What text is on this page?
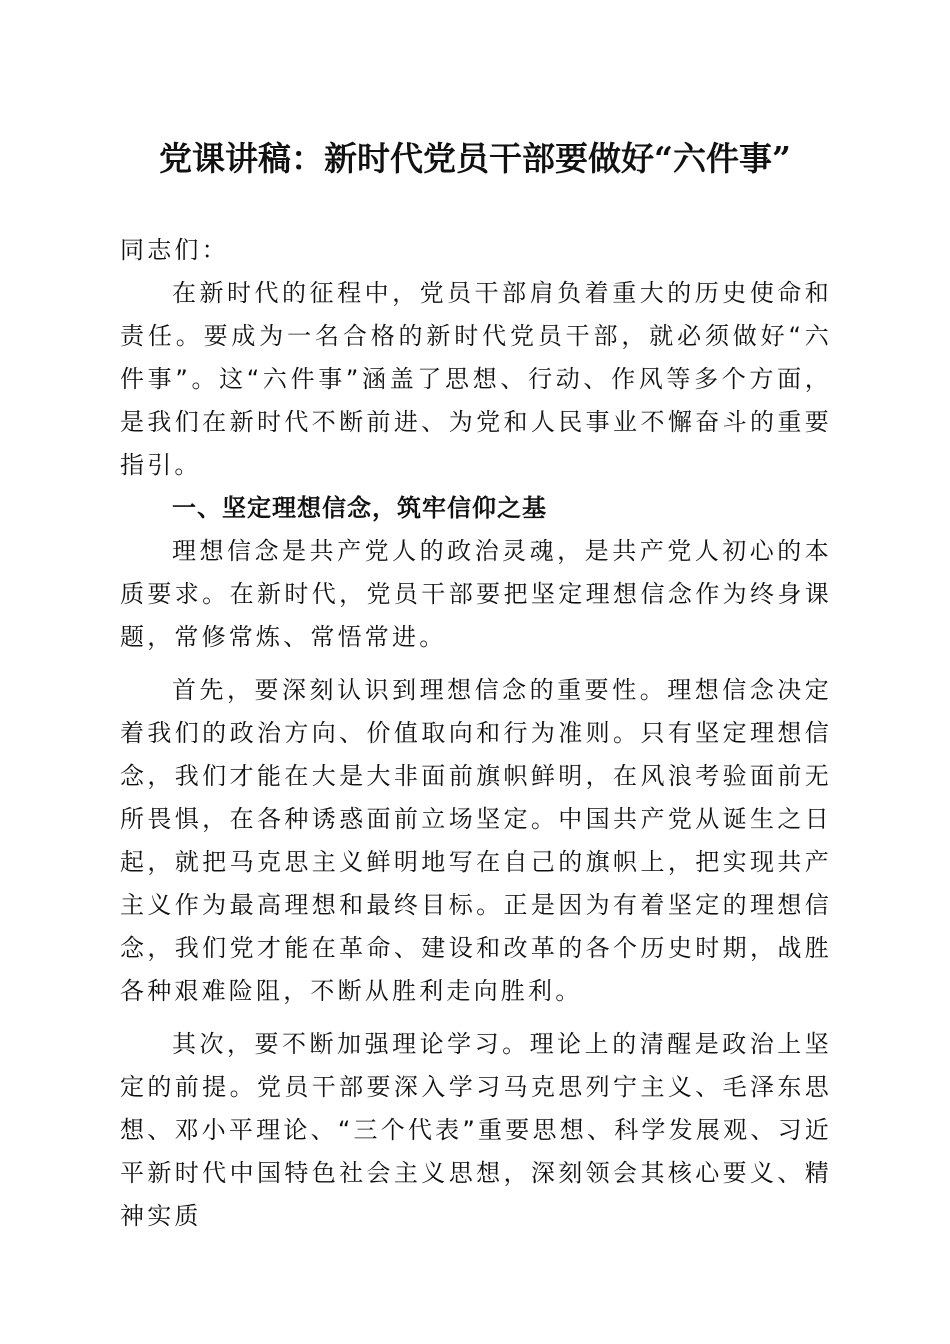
党课讲稿：新时代党员干部要做好“六件事”

同志们：

在新时代的征程中，党员干部肩负着重大的历史使命和责任。要成为一名合格的新时代党员干部，就必须做好“六件事”。这“六件事”涵盖了思想、行动、作风等多个方面，是我们在新时代不断前进、为党和人民事业不懈奋斗的重要指引。

一、坚定理想信念，筑牢信仰之基

理想信念是共产党人的政治灵魂，是共产党人初心的本质要求。在新时代，党员干部要把坚定理想信念作为终身课题，常修常炼、常悟常进。

首先，要深刻认识到理想信念的重要性。理想信念决定着我们的政治方向、价值取向和行为准则。只有坚定理想信念，我们才能在大是大非面前旗帜鲜明，在风浪考验面前无所畏惧，在各种诱惑面前立场坚定。中国共产党从诞生之日起，就把马克思主义鲜明地写在自己的旗帜上，把实现共产主义作为最高理想和最终目标。正是因为有着坚定的理想信念，我们党才能在革命、建设和改革的各个历史时期，战胜各种艰难险阻，不断从胜利走向胜利。

其次，要不断加强理论学习。理论上的清醒是政治上坚定的前提。党员干部要深入学习马克思列宁主义、毛泽东思想、邓小平理论、“三个代表”重要思想、科学发展观、习近平新时代中国特色社会主义思想，深刻领会其核心要义、精神实质
